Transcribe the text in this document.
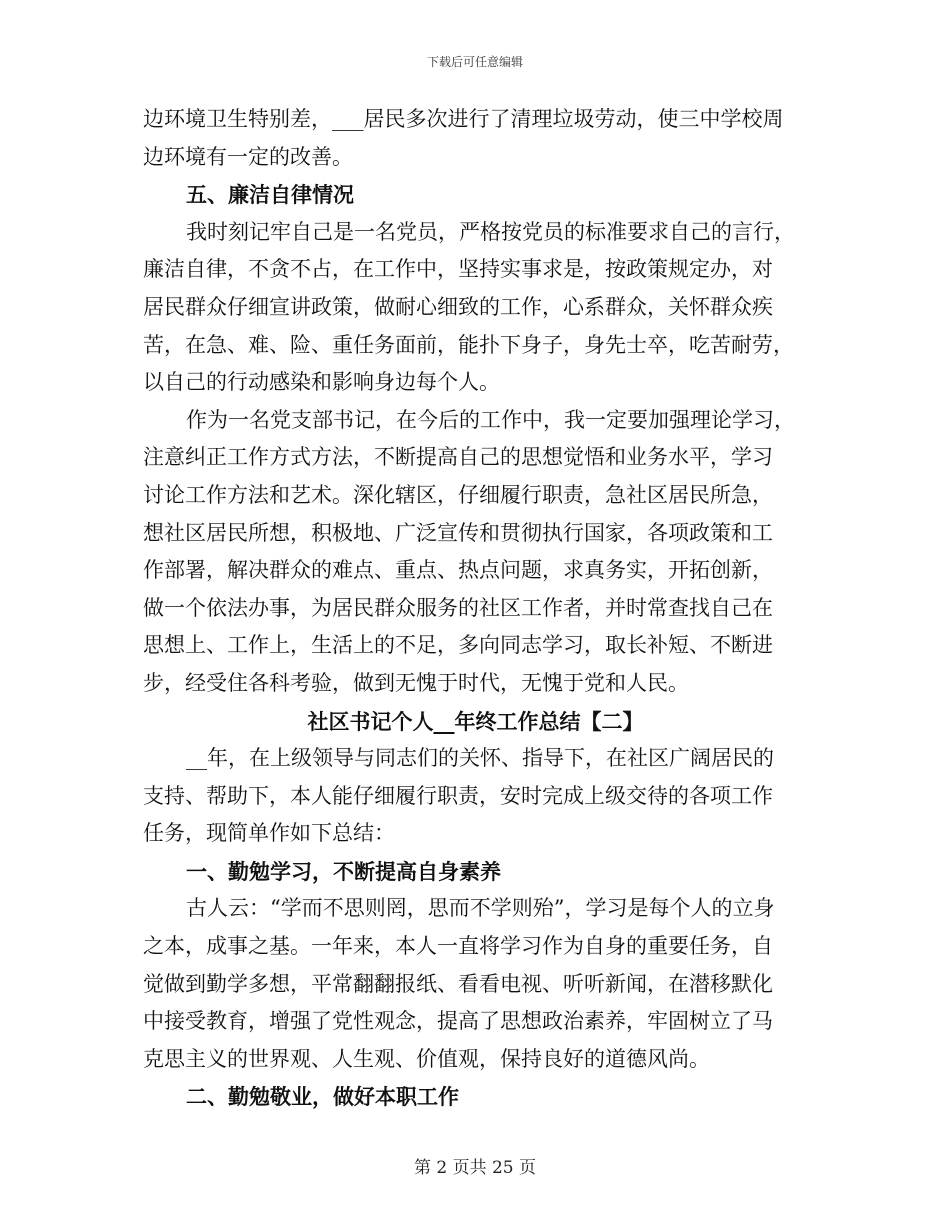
下载后可任意编辑
边环境卫生特别差，___居民多次进行了清理垃圾劳动，使三中学校周
边环境有一定的改善。
五、廉洁自律情况
我时刻记牢自己是一名党员，严格按党员的标准要求自己的言行，
廉洁自律，不贪不占，在工作中，坚持实事求是，按政策规定办，对
居民群众仔细宣讲政策，做耐心细致的工作，心系群众，关怀群众疾
苦，在急、难、险、重任务面前，能扑下身子，身先士卒，吃苦耐劳，
以自己的行动感染和影响身边每个人。
作为一名党支部书记，在今后的工作中，我一定要加强理论学习，
注意纠正工作方式方法，不断提高自己的思想觉悟和业务水平，学习
讨论工作方法和艺术。深化辖区，仔细履行职责，急社区居民所急，
想社区居民所想，积极地、广泛宣传和贯彻执行国家，各项政策和工
作部署，解决群众的难点、重点、热点问题，求真务实，开拓创新，
做一个依法办事，为居民群众服务的社区工作者，并时常查找自己在
思想上、工作上，生活上的不足，多向同志学习，取长补短、不断进
步，经受住各科考验，做到无愧于时代，无愧于党和人民。
社区书记个人__年终工作总结【二】
__年，在上级领导与同志们的关怀、指导下，在社区广阔居民的
支持、帮助下，本人能仔细履行职责，安时完成上级交待的各项工作
任务，现简单作如下总结：
一、勤勉学习，不断提高自身素养
古人云：“学而不思则罔，思而不学则殆”，学习是每个人的立身
之本，成事之基。一年来，本人一直将学习作为自身的重要任务，自
觉做到勤学多想，平常翻翻报纸、看看电视、听听新闻，在潜移默化
中接受教育，增强了党性观念，提高了思想政治素养，牢固树立了马
克思主义的世界观、人生观、价值观，保持良好的道德风尚。
二、勤勉敬业，做好本职工作
第 2 页共 25 页
